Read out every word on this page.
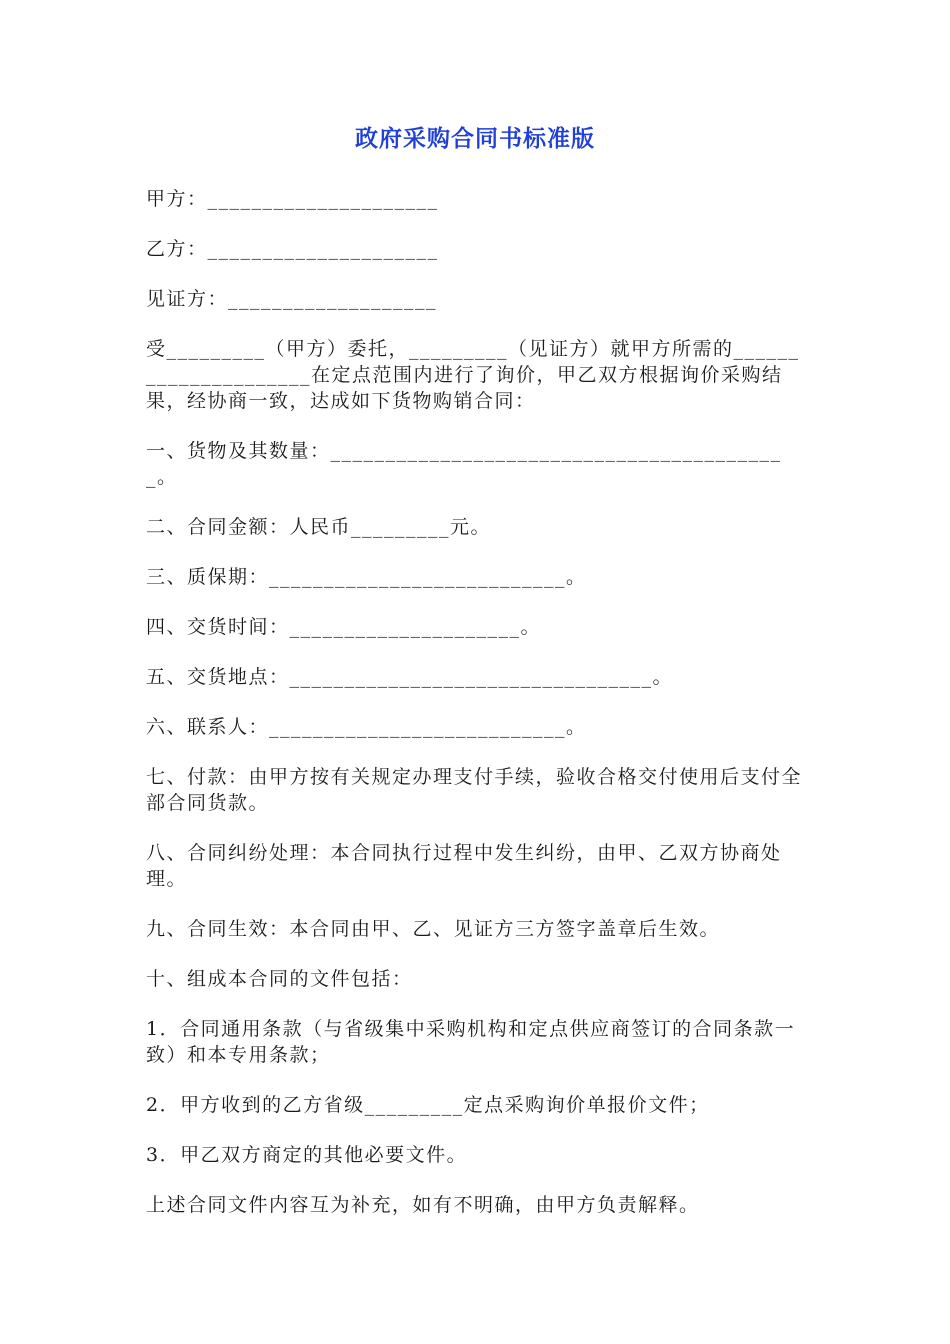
政府采购合同书标准版

甲方：_____________________

乙方：_____________________

见证方：___________________

受_________（甲方）委托，_________（见证方）就甲方所需的_____________________在定点范围内进行了询价，甲乙双方根据询价采购结果，经协商一致，达成如下货物购销合同：

一、货物及其数量：__________________________________________。

二、合同金额：人民币_________元。

三、质保期：___________________________。

四、交货时间：_____________________。

五、交货地点：_________________________________。

六、联系人：___________________________。

七、付款：由甲方按有关规定办理支付手续，验收合格交付使用后支付全部合同货款。

八、合同纠纷处理：本合同执行过程中发生纠纷，由甲、乙双方协商处理。

九、合同生效：本合同由甲、乙、见证方三方签字盖章后生效。

十、组成本合同的文件包括：

1．合同通用条款（与省级集中采购机构和定点供应商签订的合同条款一致）和本专用条款；

2．甲方收到的乙方省级_________定点采购询价单报价文件；

3．甲乙双方商定的其他必要文件。

上述合同文件内容互为补充，如有不明确，由甲方负责解释。
